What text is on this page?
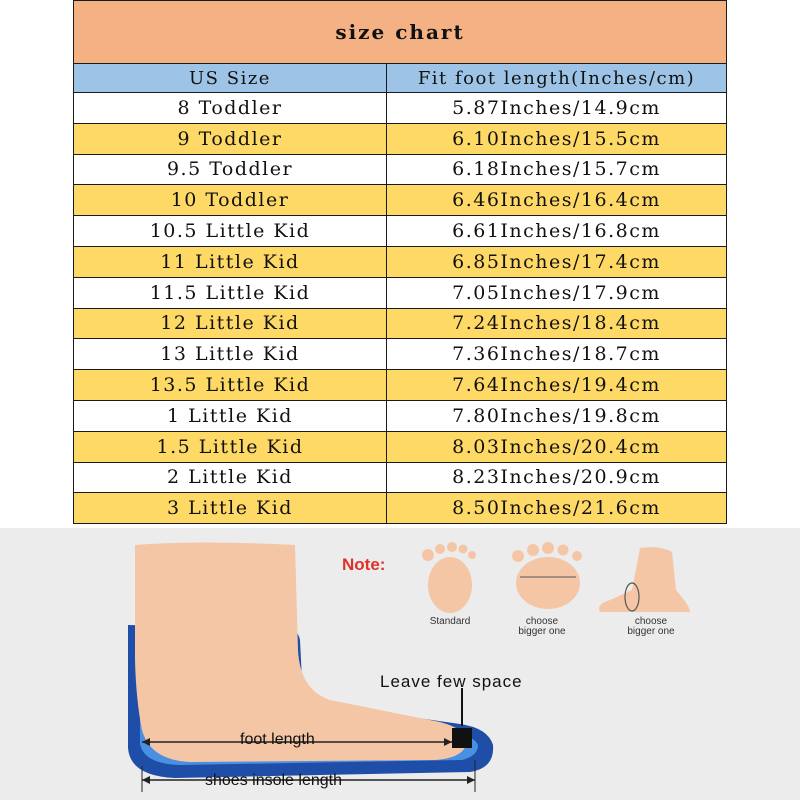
size chart	
US Size	Fit foot length(Inches/cm)
8 Toddler	5.87Inches/14.9cm
9 Toddler	6.10Inches/15.5cm
9.5 Toddler	6.18Inches/15.7cm
10 Toddler	6.46Inches/16.4cm
10.5 Little Kid	6.61Inches/16.8cm
11 Little Kid	6.85Inches/17.4cm
11.5 Little Kid	7.05Inches/17.9cm
12 Little Kid	7.24Inches/18.4cm
13 Little Kid	7.36Inches/18.7cm
13.5 Little Kid	7.64Inches/19.4cm
1 Little Kid	7.80Inches/19.8cm
1.5 Little Kid	8.03Inches/20.4cm
2 Little Kid	8.23Inches/20.9cm
3 Little Kid	8.50Inches/21.6cm
Note:
Standard	choose
bigger one
choose
bigger one
Leave few space
foot length
shoes insole length
